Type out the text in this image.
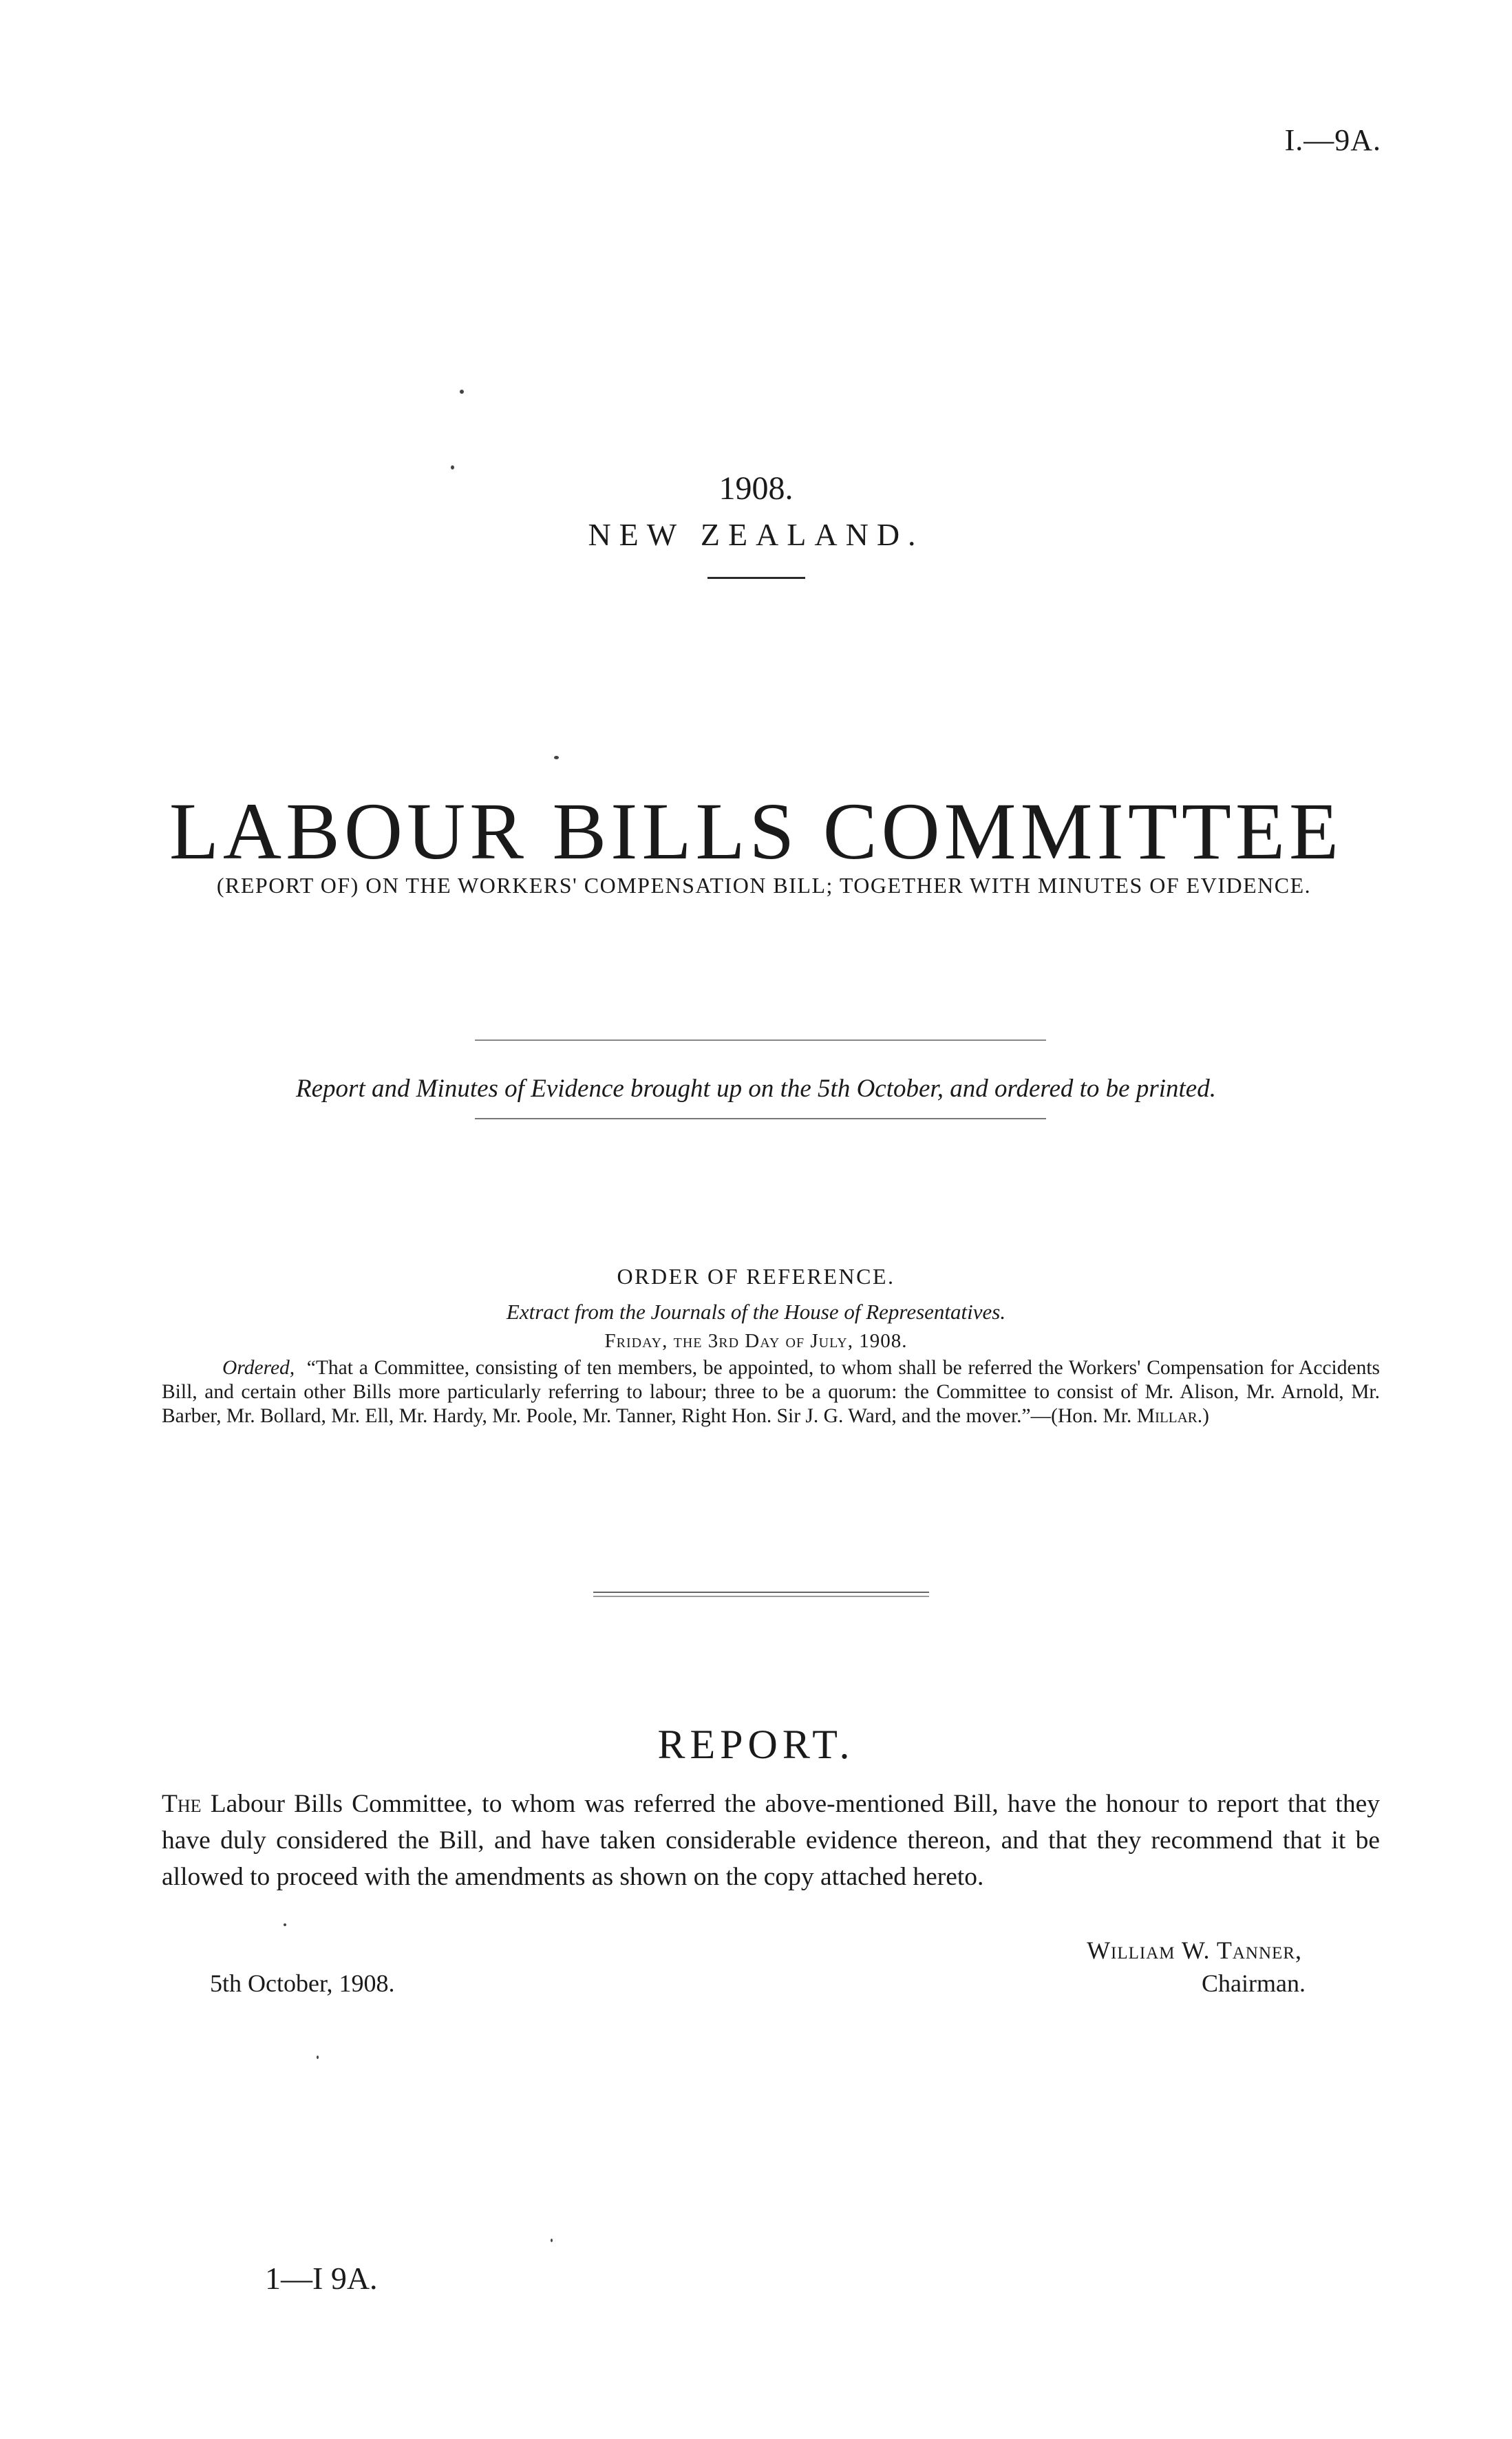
I.—9A.
1908.
NEW ZEALAND.
LABOUR BILLS COMMITTEE
(REPORT OF) ON THE WORKERS' COMPENSATION BILL; TOGETHER WITH MINUTES OF EVIDENCE.
Report and Minutes of Evidence brought up on the 5th October, and ordered to be printed.
ORDER OF REFERENCE.
Extract from the Journals of the House of Representatives.
Friday, the 3rd Day of July, 1908.
Ordered, “That a Committee, consisting of ten members, be appointed, to whom shall be referred the Workers' Compensation for Accidents Bill, and certain other Bills more particularly referring to labour; three to be a quorum: the Committee to consist of Mr. Alison, Mr. Arnold, Mr. Barber, Mr. Bollard, Mr. Ell, Mr. Hardy, Mr. Poole, Mr. Tanner, Right Hon. Sir J. G. Ward, and the mover.”—(Hon. Mr. Millar.)
REPORT.
The Labour Bills Committee, to whom was referred the above-mentioned Bill, have the honour to report that they have duly considered the Bill, and have taken considerable evidence thereon, and that they recommend that it be allowed to proceed with the amendments as shown on the copy attached hereto.
William W. Tanner,
Chairman.
5th October, 1908.
1—I 9A.
